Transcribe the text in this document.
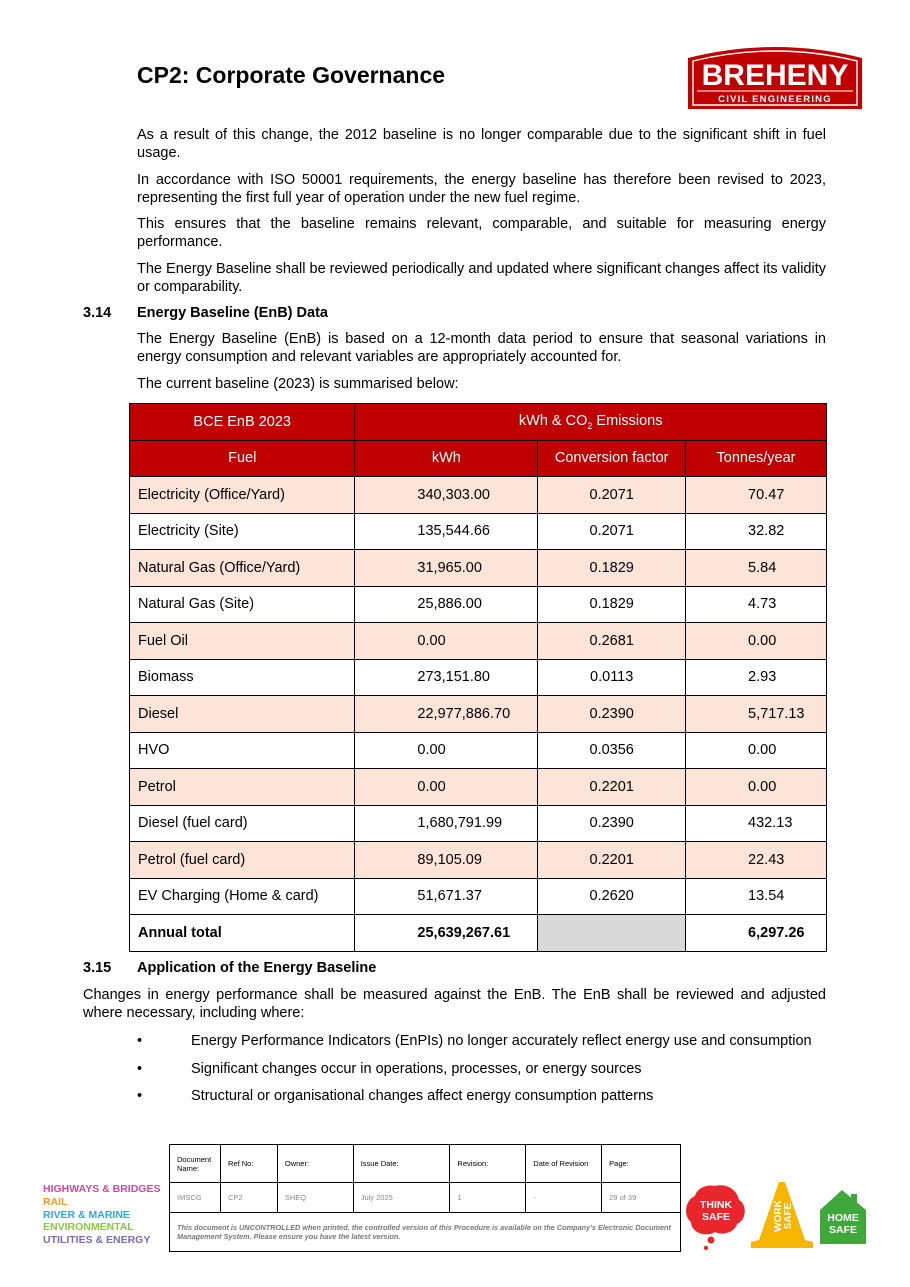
CP2: Corporate Governance	BREHENY
CIVIL ENGINEERING
As a result of this change, the 2012 baseline is no longer comparable due to the significant shift in fuel usage.
In accordance with ISO 50001 requirements, the energy baseline has therefore been revised to 2023, representing the first full year of operation under the new fuel regime.
This ensures that the baseline remains relevant, comparable, and suitable for measuring energy performance.
The Energy Baseline shall be reviewed periodically and updated where significant changes affect its validity or comparability.
3.14 Energy Baseline (EnB) Data
The Energy Baseline (EnB) is based on a 12-month data period to ensure that seasonal variations in energy consumption and relevant variables are appropriately accounted for.
The current baseline (2023) is summarised below:
BCE EnB 2023	kWh & $CO_2$ Emissions		
Fuel	kWh	Conversion factor	Tonnes/year
Electricity (Office/Yard)	340,303.00	0.2071	70.47
Electricity (Site)	135,544.66	0.2071	32.82
Natural Gas (Office/Yard)	31,965.00	0.1829	5.84
Natural Gas (Site)	25,886.00	0.1829	4.73
Fuel Oil	0.00	0.2681	0.00
Biomass	273,151.80	0.0113	2.93
Diesel	22,977,886.70	0.2390	5,717.13
HVO	0.00	0.0356	0.00
Petrol	0.00	0.2201	0.00
Diesel (fuel card)	1,680,791.99	0.2390	432.13
Petrol (fuel card)	89,105.09	0.2201	22.43
EV Charging (Home & card)	51,671.37	0.2620	13.54
Annual total	25,639,267.61		6,297.26
3.15 Application of the Energy Baseline
Changes in energy performance shall be measured against the EnB. The EnB shall be reviewed and adjusted where necessary, including where:
•	Energy Performance Indicators (EnPIs) no longer accurately reflect energy use and consumption
•	Significant changes occur in operations, processes, or energy sources
•	Structural or organisational changes affect energy consumption patterns
HIGHWAYS & BRIDGES
RAIL
RIVER & MARINE
ENVIRONMENTAL
UTILITIES & ENERGY
Document Name:	Ref No:	Owner:	Issue Date:	Revision:	Date of Revision	Page:
IMSCG	CP2	SHEQ	July 2025	1	-	29 of 39
This document is UNCONTROLLED when printed, the controlled version of this Procedure is available on the Company's Electronic Document Management System. Please ensure you have the latest version.						
THINK
SAFE	WORK SAFE	HOME
SAFE
